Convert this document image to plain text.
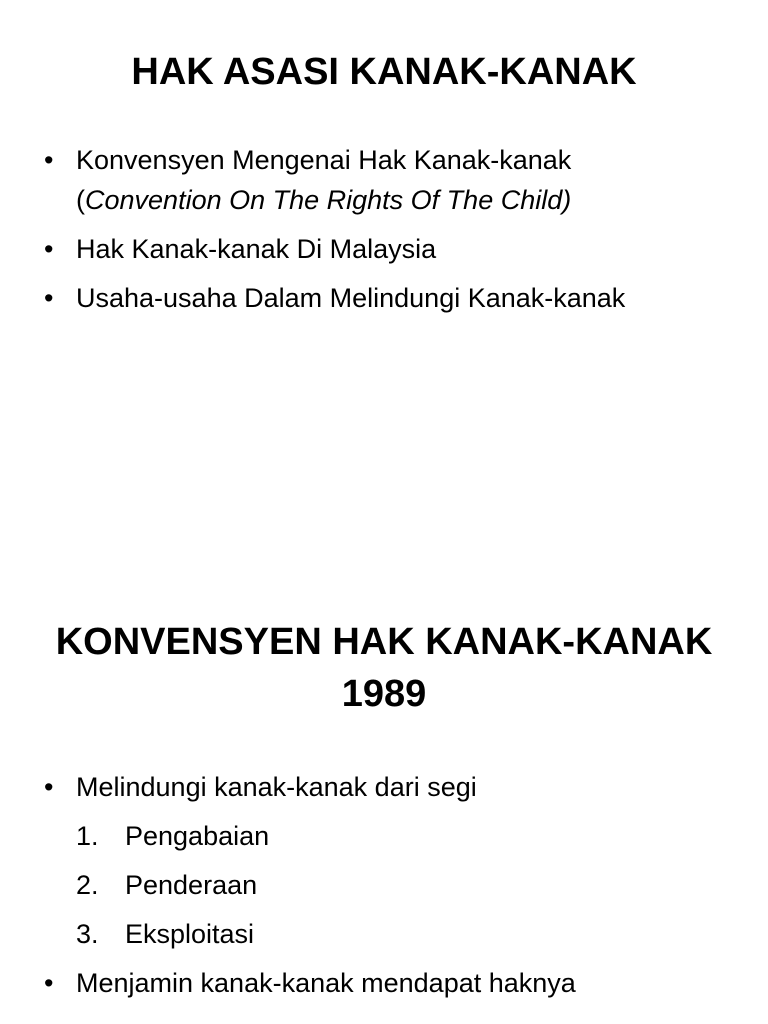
HAK ASASI KANAK-KANAK
• Konvensyen Mengenai Hak Kanak-kanak
(Convention On The Rights Of The Child)
• Hak Kanak-kanak Di Malaysia
• Usaha-usaha Dalam Melindungi Kanak-kanak
KONVENSYEN HAK KANAK-KANAK
1989
• Melindungi kanak-kanak dari segi
1. Pengabaian
2. Penderaan
3. Eksploitasi
• Menjamin kanak-kanak mendapat haknya
